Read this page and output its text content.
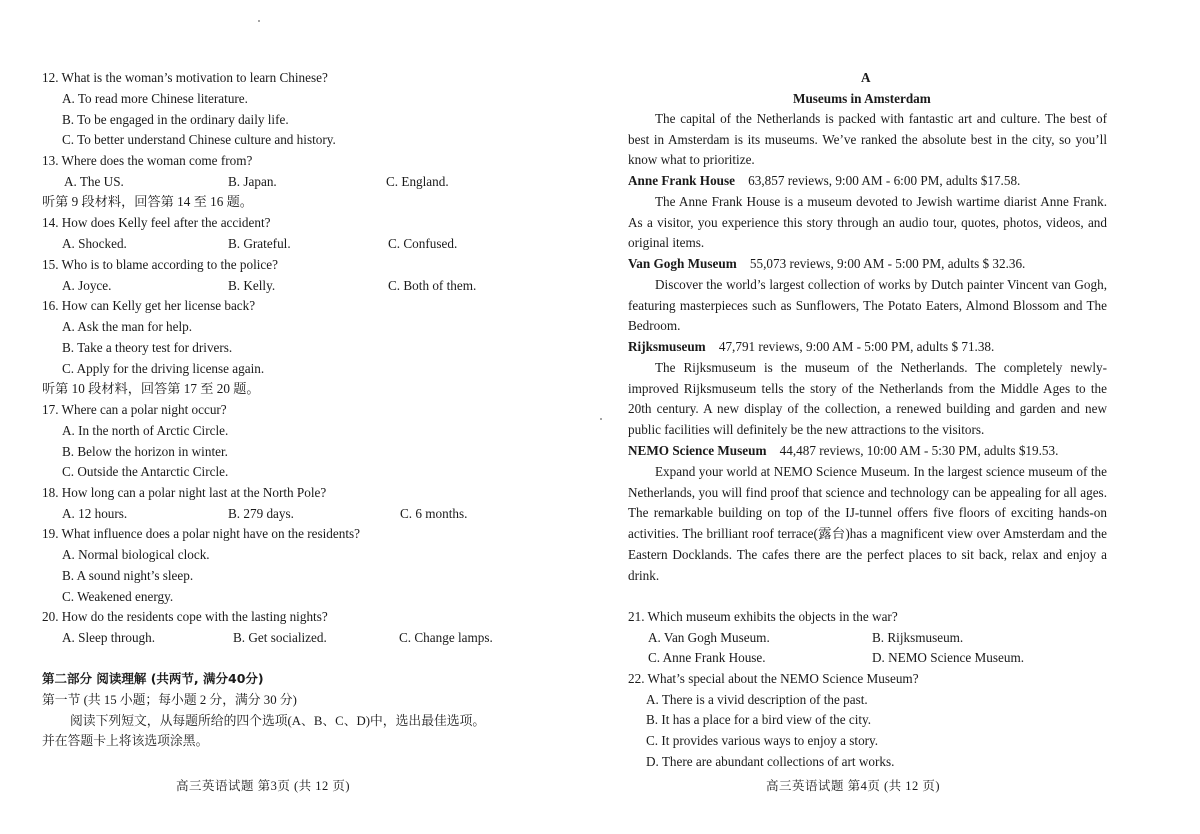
12. What is the woman’s motivation to learn Chinese?
A. To read more Chinese literature.
B. To be engaged in the ordinary daily life.
C. To better understand Chinese culture and history.
13. Where does the woman come from?
A. The US.	B. Japan.	C. England.
听第 9 段材料，回答第 14 至 16 题。
14. How does Kelly feel after the accident?
A. Shocked.	B. Grateful.	C. Confused.
15. Who is to blame according to the police?
A. Joyce.	B. Kelly.	C. Both of them.
16. How can Kelly get her license back?
A. Ask the man for help.
B. Take a theory test for drivers.
C. Apply for the driving license again.
听第 10 段材料，回答第 17 至 20 题。
17. Where can a polar night occur?
A. In the north of Arctic Circle.
B. Below the horizon in winter.
C. Outside the Antarctic Circle.
18. How long can a polar night last at the North Pole?
A. 12 hours.	B. 279 days.	C. 6 months.
19. What influence does a polar night have on the residents?
A. Normal biological clock.
B. A sound night’s sleep.
C. Weakened energy.
20. How do the residents cope with the lasting nights?
A. Sleep through.	B. Get socialized.	C. Change lamps.
第二部分 阅读理解 (共两节, 满分40分)
第一节 (共 15 小题；每小题 2 分，满分 30 分)
阅读下列短文，从每题所给的四个选项(A、B、C、D)中，选出最佳选项。
并在答题卡上将该选项涂黑。
高三英语试题 第3页 (共 12 页)
A
Museums in Amsterdam
The capital of the Netherlands is packed with fantastic art and culture. The best of best in Amsterdam is its museums. We’ve ranked the absolute best in the city, so you’ll know what to prioritize.
Anne Frank House 63,857 reviews, 9:00 AM - 6:00 PM, adults $17.58.
The Anne Frank House is a museum devoted to Jewish wartime diarist Anne Frank. As a visitor, you experience this story through an audio tour, quotes, photos, videos, and original items.
Van Gogh Museum 55,073 reviews, 9:00 AM - 5:00 PM, adults $ 32.36.
Discover the world’s largest collection of works by Dutch painter Vincent van Gogh, featuring masterpieces such as Sunflowers, The Potato Eaters, Almond Blossom and The Bedroom.
Rijksmuseum 47,791 reviews, 9:00 AM - 5:00 PM, adults $ 71.38.
The Rijksmuseum is the museum of the Netherlands. The completely newly-improved Rijksmuseum tells the story of the Netherlands from the Middle Ages to the 20th century. A new display of the collection, a renewed building and garden and new public facilities will definitely be the new attractions to the visitors.
NEMO Science Museum 44,487 reviews, 10:00 AM - 5:30 PM, adults $19.53.
Expand your world at NEMO Science Museum. In the largest science museum of the Netherlands, you will find proof that science and technology can be appealing for all ages. The remarkable building on top of the IJ-tunnel offers five floors of exciting hands-on activities. The brilliant roof terrace(露台)has a magnificent view over Amsterdam and the Eastern Docklands. The cafes there are the perfect places to sit back, relax and enjoy a drink.
21. Which museum exhibits the objects in the war?
A. Van Gogh Museum.	B. Rijksmuseum.
C. Anne Frank House.	D. NEMO Science Museum.
22. What’s special about the NEMO Science Museum?
A. There is a vivid description of the past.
B. It has a place for a bird view of the city.
C. It provides various ways to enjoy a story.
D. There are abundant collections of art works.
高三英语试题 第4页 (共 12 页)
